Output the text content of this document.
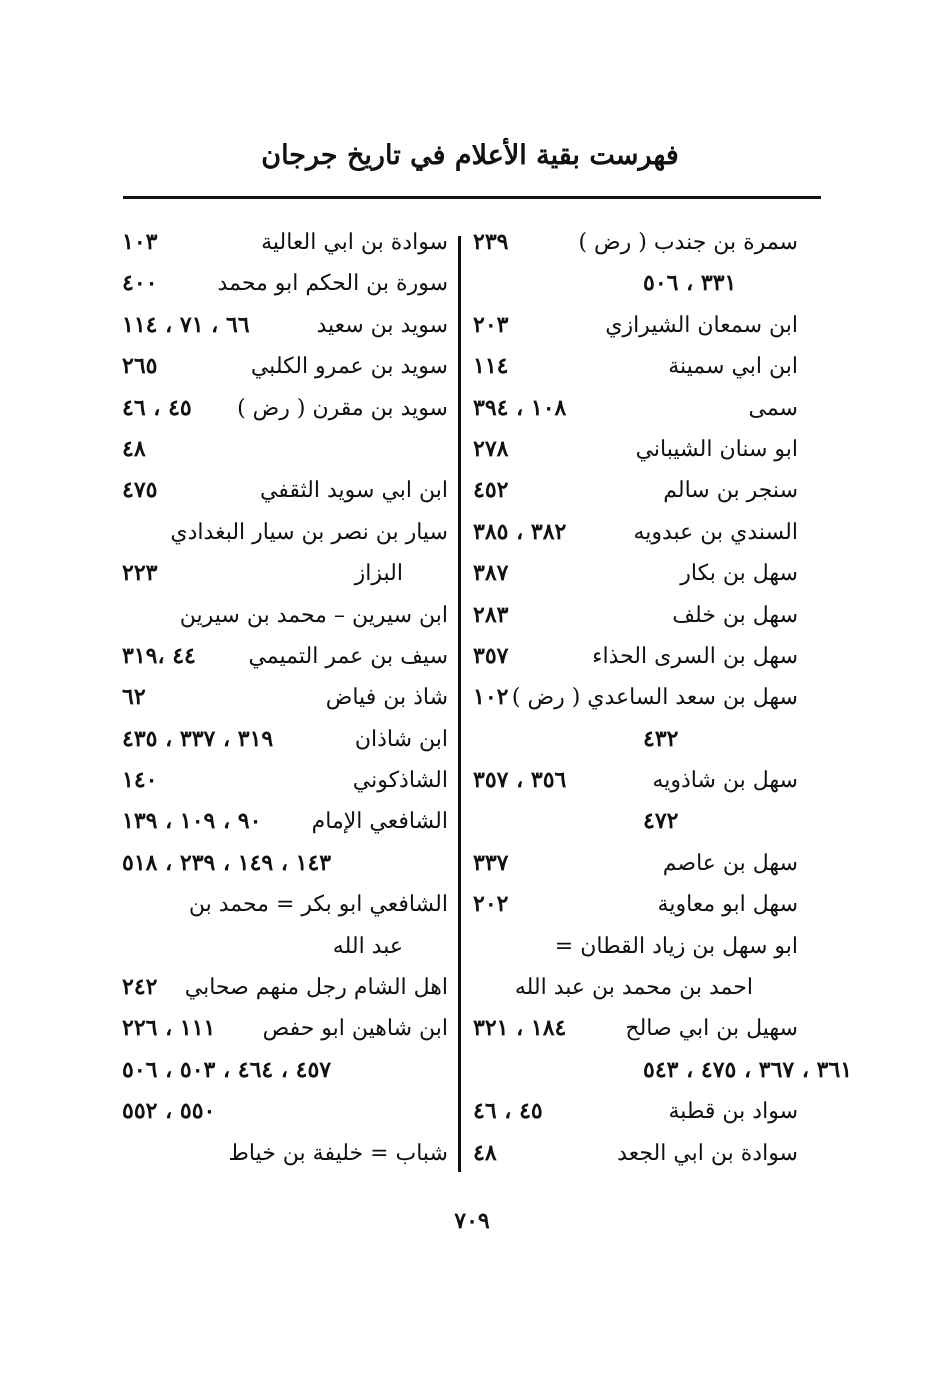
فهرست بقية الأعلام في تاريخ جرجان
سمرة بن جندب ( رض )
٢٣٩
٣٣١ ، ٥٠٦
ابن سمعان الشيرازي
٢٠٣
ابن ابي سمينة
١١٤
سمى
١٠٨ ، ٣٩٤
ابو سنان الشيباني
٢٧٨
سنجر بن سالم
٤٥٢
السندي بن عبدويه
٣٨٢ ، ٣٨٥
سهل بن بكار
٣٨٧
سهل بن خلف
٢٨٣
سهل بن السرى الحذاء
٣٥٧
سهل بن سعد الساعدي ( رض )
١٠٢
٤٣٢
سهل بن شاذويه
٣٥٦ ، ٣٥٧
٤٧٢
سهل بن عاصم
٣٣٧
سهل ابو معاوية
٢٠٢
ابو سهل بن زياد القطان =
احمد بن محمد بن عبد الله
سهيل بن ابي صالح
١٨٤ ، ٣٢١
٣٦١ ، ٣٦٧ ، ٤٧٥ ، ٥٤٣
سواد بن قطبة
٤٥ ، ٤٦
سوادة بن ابي الجعد
٤٨
سوادة بن ابي العالية
١٠٣
سورة بن الحكم ابو محمد
٤٠٠
سويد بن سعيد
٦٦ ، ٧١ ، ١١٤
سويد بن عمرو الكلبي
٢٦٥
سويد بن مقرن ( رض )
٤٥ ، ٤٦
٤٨
ابن ابي سويد الثقفي
٤٧٥
سيار بن نصر بن سيار البغدادي
البزاز
٢٢٣
ابن سيرين – محمد بن سيرين
سيف بن عمر التميمي
٤٤ ،٣١٩
شاذ بن فياض
٦٢
ابن شاذان
٣١٩ ، ٣٣٧ ، ٤٣٥
الشاذكوني
١٤٠
الشافعي الإمام
٩٠ ، ١٠٩ ، ١٣٩
١٤٣ ، ١٤٩ ، ٢٣٩ ، ٥١٨
الشافعي ابو بكر = محمد بن
عبد الله
اهل الشام رجل منهم صحابي
٢٤٢
ابن شاهين ابو حفص
١١١ ، ٢٢٦
٤٥٧ ، ٤٦٤ ، ٥٠٣ ، ٥٠٦
٥٥٠ ، ٥٥٢
شباب = خليفة بن خياط
٧٠٩
